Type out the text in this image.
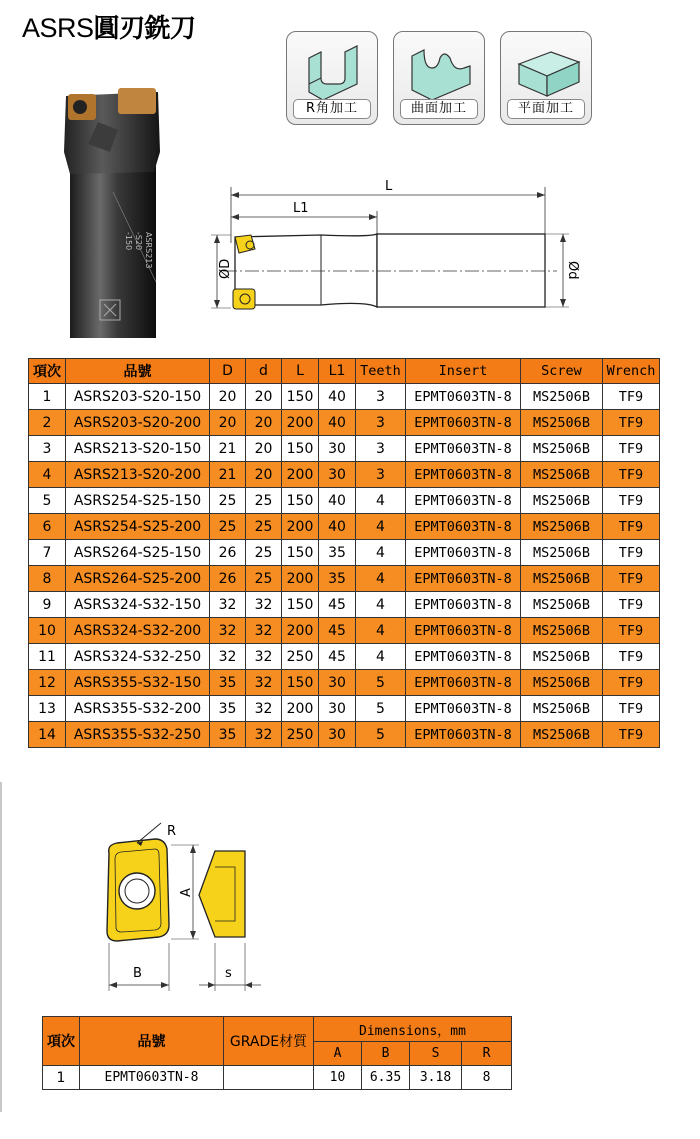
ASRS圓刃銑刀
ASRS213
-S20
-150
R角加工	曲面加工	平面加工
L
L1
ØD	Ød
項次	品號	D	d	L	L1	Teeth	Insert	Screw	Wrench
1	ASRS203-S20-150	20	20	150	40	3	EPMT0603TN-8	MS2506B	TF9
2	ASRS203-S20-200	20	20	200	40	3	EPMT0603TN-8	MS2506B	TF9
3	ASRS213-S20-150	21	20	150	30	3	EPMT0603TN-8	MS2506B	TF9
4	ASRS213-S20-200	21	20	200	30	3	EPMT0603TN-8	MS2506B	TF9
5	ASRS254-S25-150	25	25	150	40	4	EPMT0603TN-8	MS2506B	TF9
6	ASRS254-S25-200	25	25	200	40	4	EPMT0603TN-8	MS2506B	TF9
7	ASRS264-S25-150	26	25	150	35	4	EPMT0603TN-8	MS2506B	TF9
8	ASRS264-S25-200	26	25	200	35	4	EPMT0603TN-8	MS2506B	TF9
9	ASRS324-S32-150	32	32	150	45	4	EPMT0603TN-8	MS2506B	TF9
10	ASRS324-S32-200	32	32	200	45	4	EPMT0603TN-8	MS2506B	TF9
11	ASRS324-S32-250	32	32	250	45	4	EPMT0603TN-8	MS2506B	TF9
12	ASRS355-S32-150	35	32	150	30	5	EPMT0603TN-8	MS2506B	TF9
13	ASRS355-S32-200	35	32	200	30	5	EPMT0603TN-8	MS2506B	TF9
14	ASRS355-S32-250	35	32	250	30	5	EPMT0603TN-8	MS2506B	TF9
R
A
B	s
項次	品號	GRADE材質	Dimensions，mm			
			A	B	S	R
1	EPMT0603TN-8		10	6.35	3.18	8
